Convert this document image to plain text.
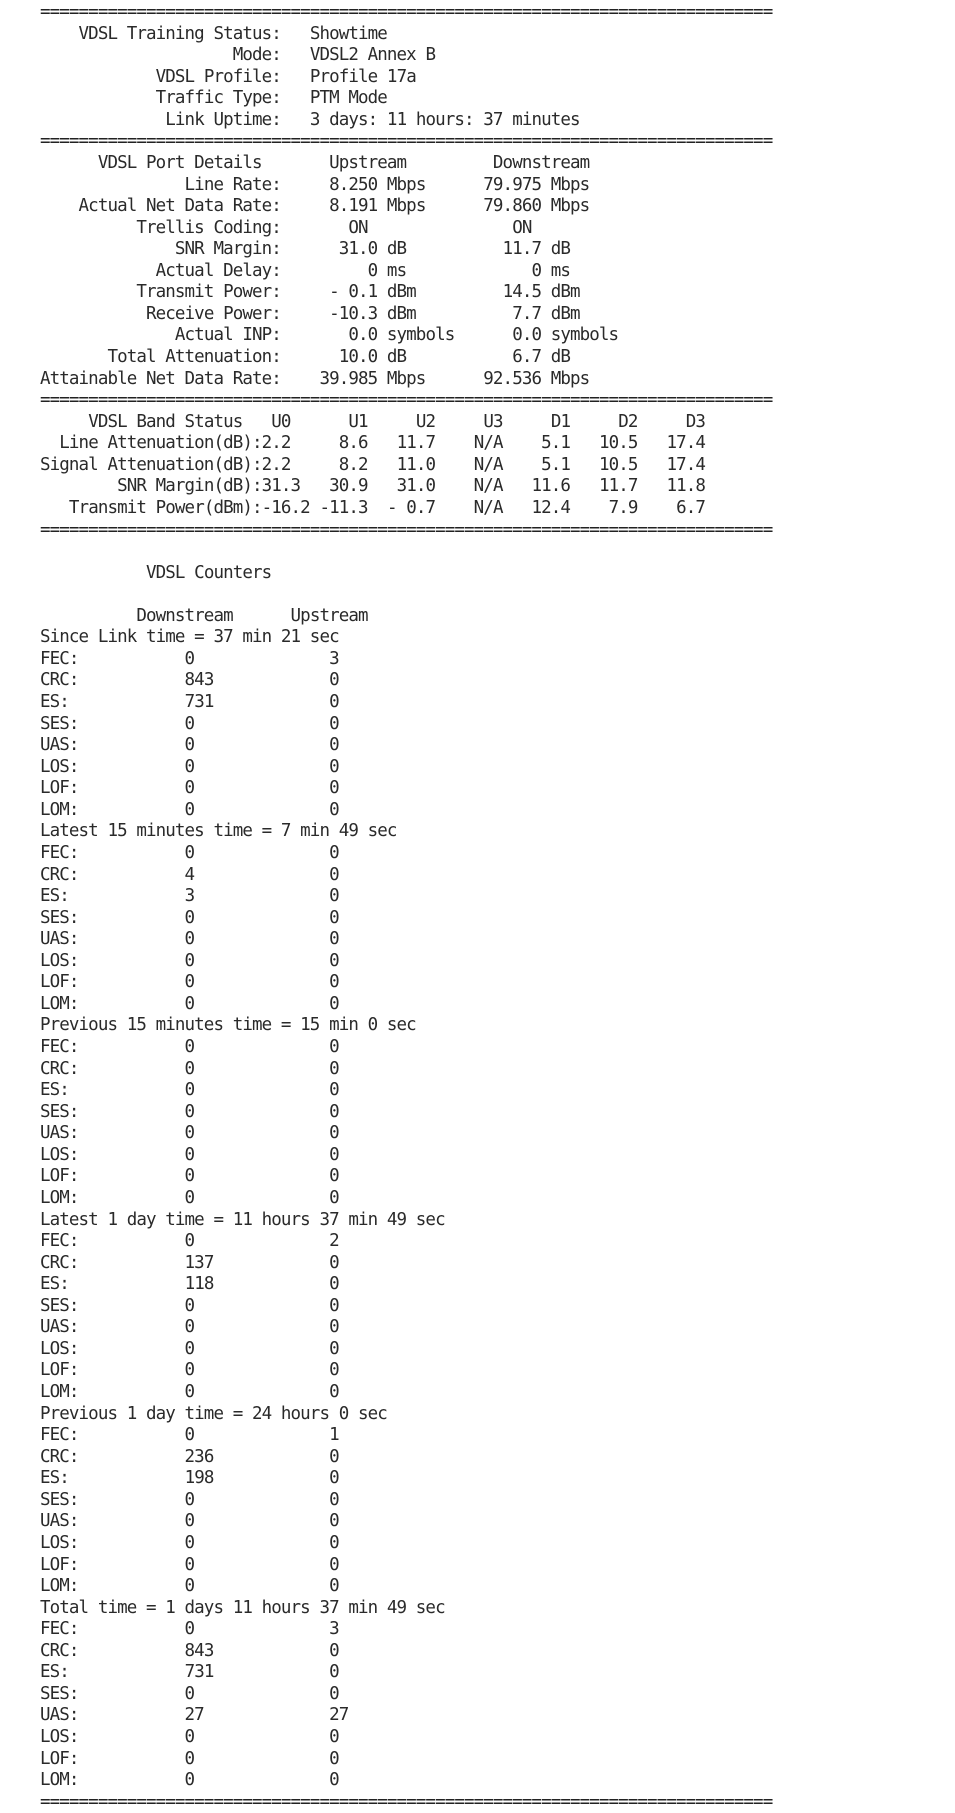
============================================================================
VDSL Training Status: Showtime
Mode: VDSL2 Annex B
VDSL Profile: Profile 17a
Traffic Type: PTM Mode
Link Uptime: 3 days: 11 hours: 37 minutes
============================================================================
VDSL Port Details	Upstream	Downstream
Line Rate:	8.250 Mbps	79.975 Mbps
Actual Net Data Rate:	8.191 Mbps	79.860 Mbps
Trellis Coding:	ON	ON
SNR Margin:	31.0 dB	11.7 dB
Actual Delay:	0 ms	0 ms
Transmit Power:	- 0.1 dBm	14.5 dBm
Receive Power:	-10.3 dBm	7.7 dBm
Actual INP:	0.0 symbols	0.0 symbols
Total Attenuation:	10.0 dB	6.7 dB
Attainable Net Data Rate: 39.985 Mbps	92.536 Mbps
============================================================================
VDSL Band Status U0	U1	U2	U3	D1	D2	D3
Line Attenuation(dB):2.2	8.6 11.7 N/A 5.1 10.5 17.4
Signal Attenuation(dB):2.2	8.2 11.0 N/A 5.1 10.5 17.4
SNR Margin(dB):31.3 30.9 31.0 N/A 11.6 11.7 11.8
Transmit Power(dBm):-16.2 -11.3 - 0.7 N/A 12.4 7.9 6.7
============================================================================

VDSL Counters

Downstream	Upstream
Since Link time = 37 min 21 sec
FEC:	0	3
CRC:	843	0
ES:	731	0
SES:	0	0
UAS:	0	0
LOS:	0	0
LOF:	0	0
LOM:	0	0
Latest 15 minutes time = 7 min 49 sec
FEC:	0	0
CRC:	4	0
ES:	3	0
SES:	0	0
UAS:	0	0
LOS:	0	0
LOF:	0	0
LOM:	0	0
Previous 15 minutes time = 15 min 0 sec
FEC:	0	0
CRC:	0	0
ES:	0	0
SES:	0	0
UAS:	0	0
LOS:	0	0
LOF:	0	0
LOM:	0	0
Latest 1 day time = 11 hours 37 min 49 sec
FEC:	0	2
CRC:	137	0
ES:	118	0
SES:	0	0
UAS:	0	0
LOS:	0	0
LOF:	0	0
LOM:	0	0
Previous 1 day time = 24 hours 0 sec
FEC:	0	1
CRC:	236	0
ES:	198	0
SES:	0	0
UAS:	0	0
LOS:	0	0
LOF:	0	0
LOM:	0	0
Total time = 1 days 11 hours 37 min 49 sec
FEC:	0	3
CRC:	843	0
ES:	731	0
SES:	0	0
UAS:	27	27
LOS:	0	0
LOF:	0	0
LOM:	0	0
============================================================================
